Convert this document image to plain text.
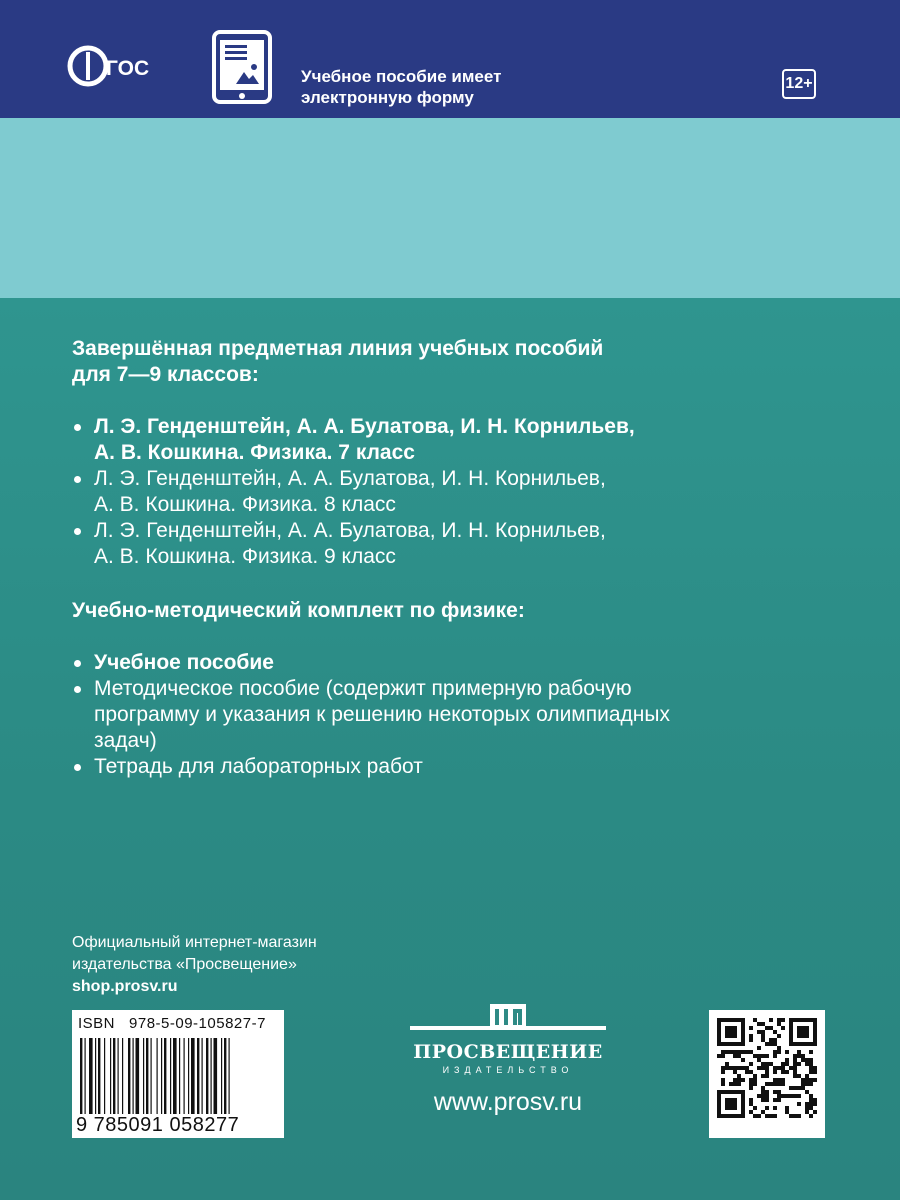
ГОС	Учебное пособие имеет
электронную форму
12+
Завершённая предметная линия учебных пособий
для 7—9 классов:
Л. Э. Генденштейн, А. А. Булатова, И. Н. Корнильев,
А. В. Кошкина. Физика. 7 класс
Л. Э. Генденштейн, А. А. Булатова, И. Н. Корнильев,
А. В. Кошкина. Физика. 8 класс
Л. Э. Генденштейн, А. А. Булатова, И. Н. Корнильев,
А. В. Кошкина. Физика. 9 класс
Учебно-методический комплект по физике:
Учебное пособие
Методическое пособие (содержит примерную рабочую
программу и указания к решению некоторых олимпиадных
задач)
Тетрадь для лабораторных работ
Официальный интернет-магазин
издательства «Просвещение»
shop.prosv.ru
ISBN 978-5-09-105827-7
9 785091 058277
ПРОСВЕЩЕНИЕ
ИЗДАТЕЛЬСТВО
www.prosv.ru
